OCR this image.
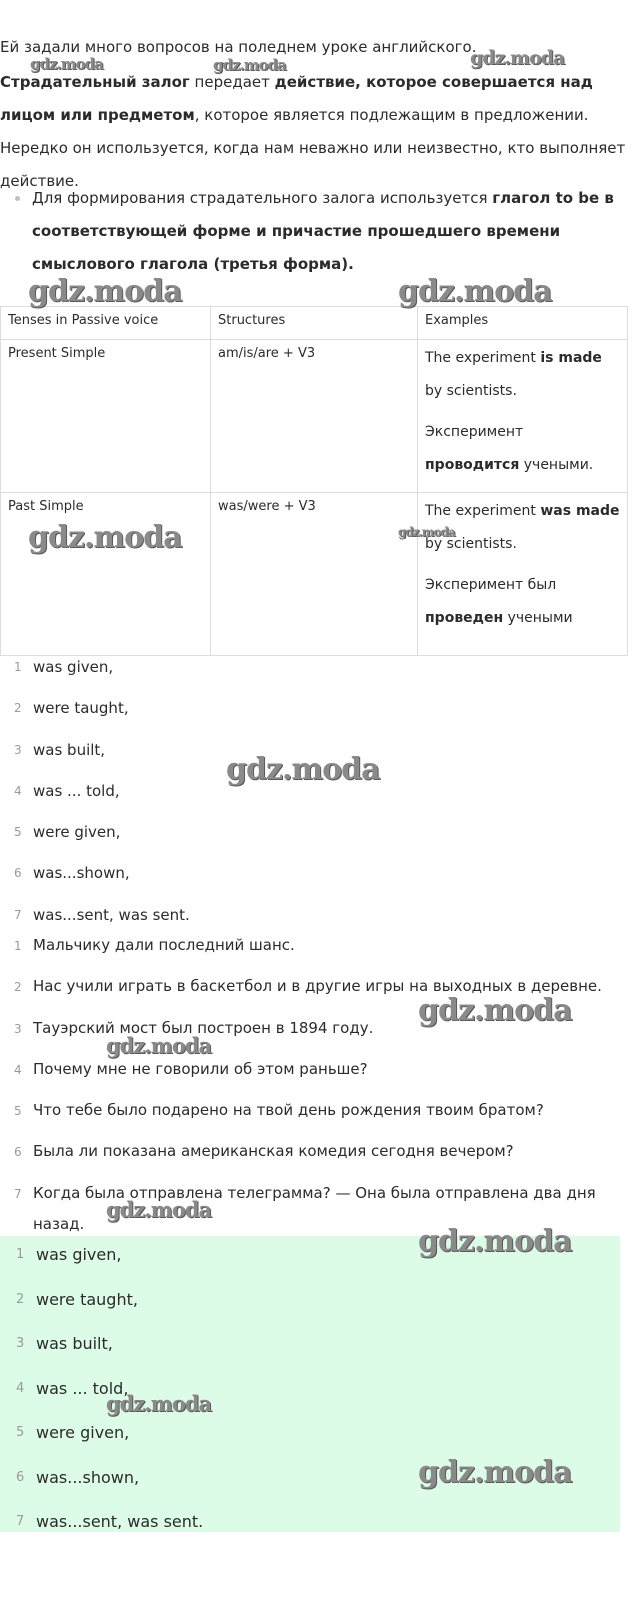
Ей задали много вопросов на поледнем уроке английского.
Страдательный залог передает действие, которое совершается над лицом или предметом, которое является подлежащим в предложении. Нередко он используется, когда нам неважно или неизвестно, кто выполняет действие.
Для формирования страдательного залога используется глагол to be в соответствующей форме и причастие прошедшего времени смыслового глагола (третья форма).
Tenses in Passive voice	Structures	Examples
Present Simple	am/is/are + V3	The experiment is made by scientists.

Эксперимент проводится учеными.

Past Simple	was/were + V3	The experiment was made by scientists.

Эксперимент был проведен учеными

1 was given,
2 were taught,
3 was built,
4 was ... told,
5 were given,
6 was...shown,
7 was...sent, was sent.
1 Мальчику дали последний шанс.
2 Нас учили играть в баскетбол и в другие игры на выходных в деревне.
3 Тауэрский мост был построен в 1894 году.
4 Почему мне не говорили об этом раньше?
5 Что тебе было подарено на твой день рождения твоим братом?
6 Была ли показана американская комедия сегодня вечером?
7 Когда была отправлена телеграмма? — Она была отправлена два дня назад.
1 was given,
2 were taught,
3 was built,
4 was ... told,
5 were given,
6 was...shown,
7 was...sent, was sent.
gdz.moda	gdz.moda	gdz.moda
gdz.moda	gdz.moda
gdz.moda	gdz.moda
gdz.moda
gdz.moda
gdz.moda
gdz.moda
gdz.moda
gdz.moda
gdz.moda
